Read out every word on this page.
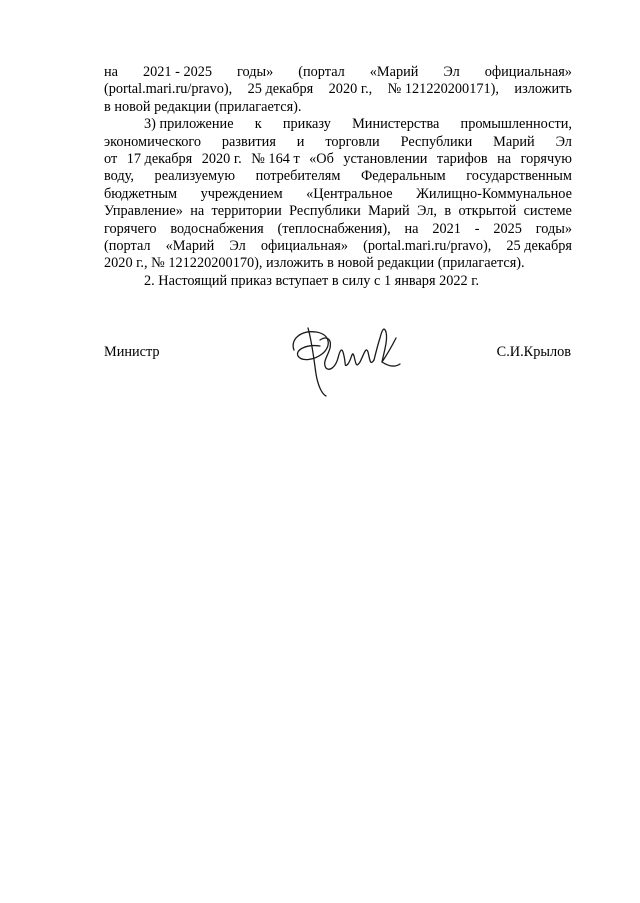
на 2021 - 2025 годы» (портал «Марий Эл официальная»
(portal.mari.ru/pravo), 25 декабря 2020 г., № 121220200171), изложить
в новой редакции (прилагается).
3) приложение к приказу Министерства промышленности,
экономического развития и торговли Республики Марий Эл
от 17 декабря 2020 г. № 164 т «Об установлении тарифов на горячую
воду, реализуемую потребителям Федеральным государственным
бюджетным учреждением «Центральное Жилищно-Коммунальное
Управление» на территории Республики Марий Эл, в открытой системе
горячего водоснабжения (теплоснабжения), на 2021 - 2025 годы»
(портал «Марий Эл официальная» (portal.mari.ru/pravo), 25 декабря
2020 г., № 121220200170), изложить в новой редакции (прилагается).
2. Настоящий приказ вступает в силу с 1 января 2022 г.
Министр	С.И.Крылов
